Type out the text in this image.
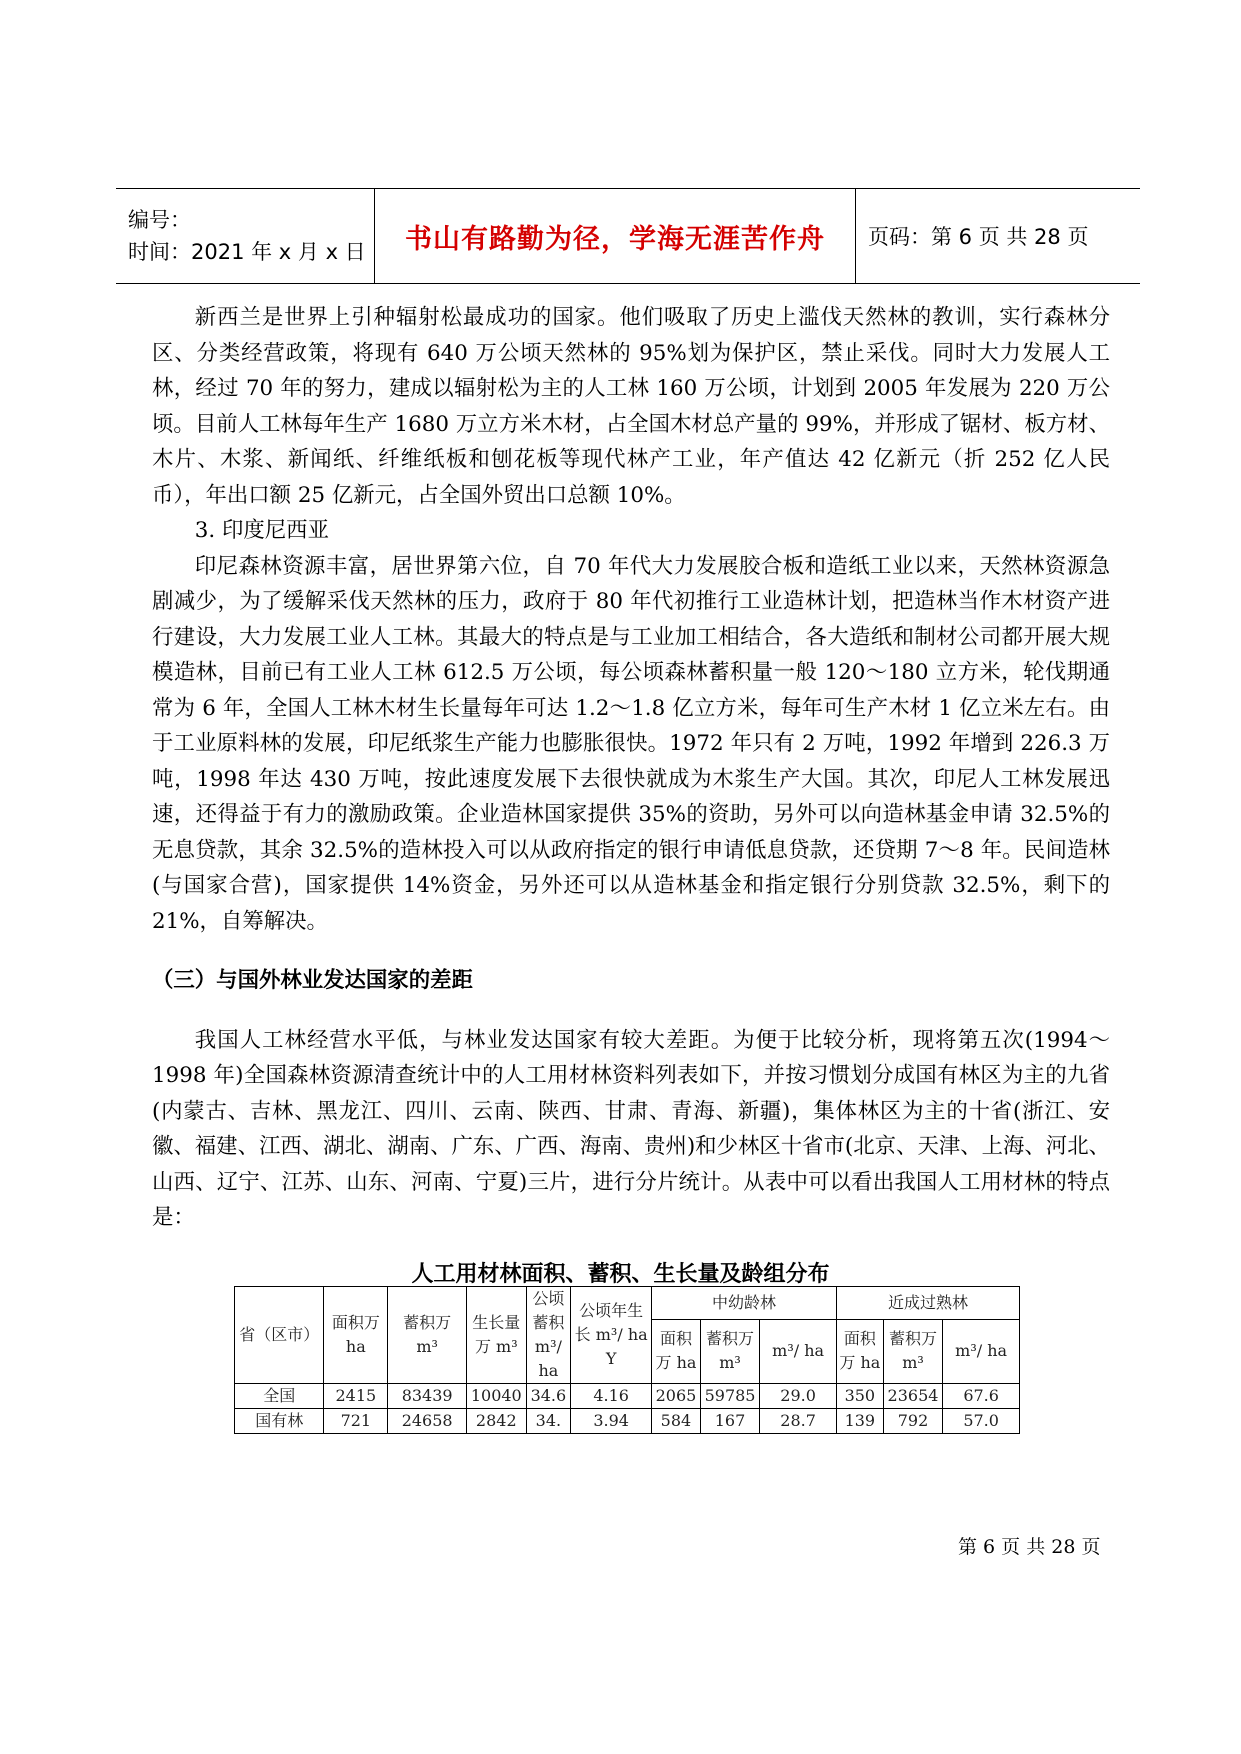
编号：
时间：2021 年 x 月 x 日	书山有路勤为径，学海无涯苦作舟	页码：第 6 页 共 28 页

新西兰是世界上引种辐射松最成功的国家。他们吸取了历史上滥伐天然林的教训，实行森林分区、分类经营政策，将现有 640 万公顷天然林的 95%划为保护区，禁止采伐。同时大力发展人工林，经过 70 年的努力，建成以辐射松为主的人工林 160 万公顷，计划到 2005 年发展为 220 万公顷。目前人工林每年生产 1680 万立方米木材，占全国木材总产量的 99%，并形成了锯材、板方材、木片、木浆、新闻纸、纤维纸板和刨花板等现代林产工业，年产值达 42 亿新元（折 252 亿人民币），年出口额 25 亿新元，占全国外贸出口总额 10%。

3. 印度尼西亚

印尼森林资源丰富，居世界第六位，自 70 年代大力发展胶合板和造纸工业以来，天然林资源急剧减少，为了缓解采伐天然林的压力，政府于 80 年代初推行工业造林计划，把造林当作木材资产进行建设，大力发展工业人工林。其最大的特点是与工业加工相结合，各大造纸和制材公司都开展大规模造林，目前已有工业人工林 612.5 万公顷，每公顷森林蓄积量一般 120～180 立方米，轮伐期通常为 6 年，全国人工林木材生长量每年可达 1.2～1.8 亿立方米，每年可生产木材 1 亿立米左右。由于工业原料林的发展，印尼纸浆生产能力也膨胀很快。1972 年只有 2 万吨，1992 年增到 226.3 万吨，1998 年达 430 万吨，按此速度发展下去很快就成为木浆生产大国。其次，印尼人工林发展迅速，还得益于有力的激励政策。企业造林国家提供 35%的资助，另外可以向造林基金申请 32.5%的无息贷款，其余 32.5%的造林投入可以从政府指定的银行申请低息贷款，还贷期 7～8 年。民间造林(与国家合营)，国家提供 14%资金，另外还可以从造林基金和指定银行分别贷款 32.5%，剩下的 21%，自筹解决。

（三）与国外林业发达国家的差距

我国人工林经营水平低，与林业发达国家有较大差距。为便于比较分析，现将第五次(1994～1998 年)全国森林资源清查统计中的人工用材林资料列表如下，并按习惯划分成国有林区为主的九省(内蒙古、吉林、黑龙江、四川、云南、陕西、甘肃、青海、新疆)，集体林区为主的十省(浙江、安徽、福建、江西、湖北、湖南、广东、广西、海南、贵州)和少林区十省市(北京、天津、上海、河北、山西、辽宁、江苏、山东、河南、宁夏)三片，进行分片统计。从表中可以看出我国人工用材林的特点是：

人工用材林面积、蓄积、生长量及龄组分布
省（区市）	面积万 ha	蓄积万 m³	生长量万 m³	公顷蓄积 m³/ ha	公顷年生长 m³/ ha Y	中幼龄林			近成过熟林		
						面积万 ha	蓄积万 m³	m³/ ha	面积万 ha	蓄积万 m³	m³/ ha
全国	2415	83439	10040	34.6	4.16	2065	59785	29.0	350	23654	67.6
国有林	721	24658	2842	34.	3.94	584	167	28.7	139	792	57.0
第 6 页 共 28 页
